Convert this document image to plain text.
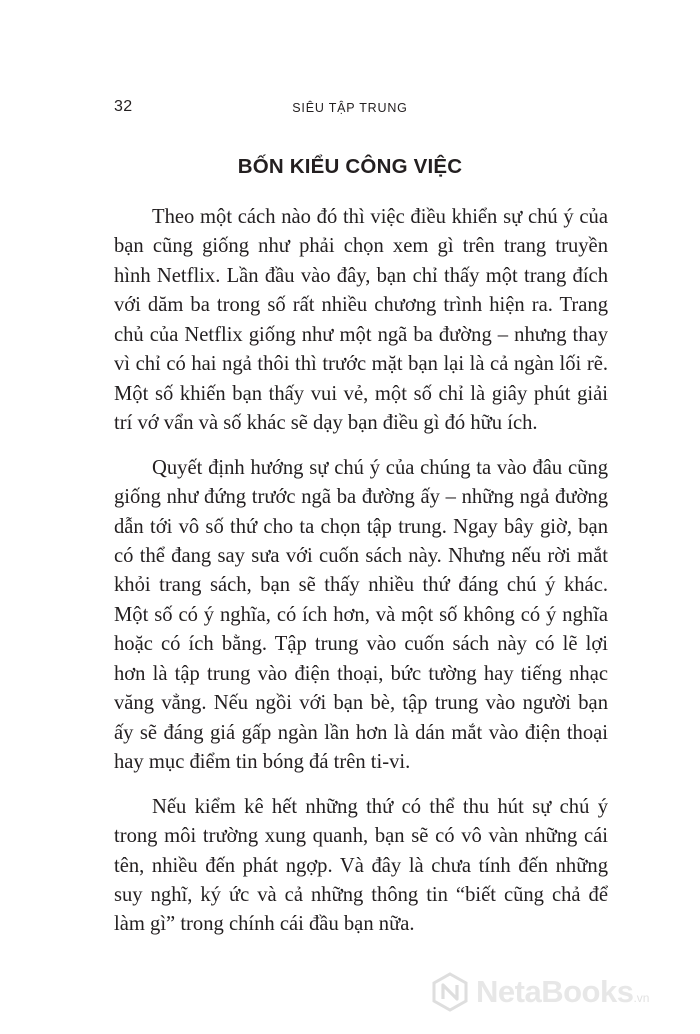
32	SIÊU TẬP TRUNG
BỐN KIỂU CÔNG VIỆC

Theo một cách nào đó thì việc điều khiển sự chú ý của bạn cũng giống như phải chọn xem gì trên trang truyền hình Netflix. Lần đầu vào đây, bạn chỉ thấy một trang đích với dăm ba trong số rất nhiều chương trình hiện ra. Trang chủ của Netflix giống như một ngã ba đường – nhưng thay vì chỉ có hai ngả thôi thì trước mặt bạn lại là cả ngàn lối rẽ. Một số khiến bạn thấy vui vẻ, một số chỉ là giây phút giải trí vớ vẩn và số khác sẽ dạy bạn điều gì đó hữu ích.

Quyết định hướng sự chú ý của chúng ta vào đâu cũng giống như đứng trước ngã ba đường ấy – những ngả đường dẫn tới vô số thứ cho ta chọn tập trung. Ngay bây giờ, bạn có thể đang say sưa với cuốn sách này. Nhưng nếu rời mắt khỏi trang sách, bạn sẽ thấy nhiều thứ đáng chú ý khác. Một số có ý nghĩa, có ích hơn, và một số không có ý nghĩa hoặc có ích bằng. Tập trung vào cuốn sách này có lẽ lợi hơn là tập trung vào điện thoại, bức tường hay tiếng nhạc văng vẳng. Nếu ngồi với bạn bè, tập trung vào người bạn ấy sẽ đáng giá gấp ngàn lần hơn là dán mắt vào điện thoại hay mục điểm tin bóng đá trên ti-vi.

Nếu kiểm kê hết những thứ có thể thu hút sự chú ý trong môi trường xung quanh, bạn sẽ có vô vàn những cái tên, nhiều đến phát ngợp. Và đây là chưa tính đến những suy nghĩ, ký ức và cả những thông tin “biết cũng chả để làm gì” trong chính cái đầu bạn nữa.

NetaBooks.vn
